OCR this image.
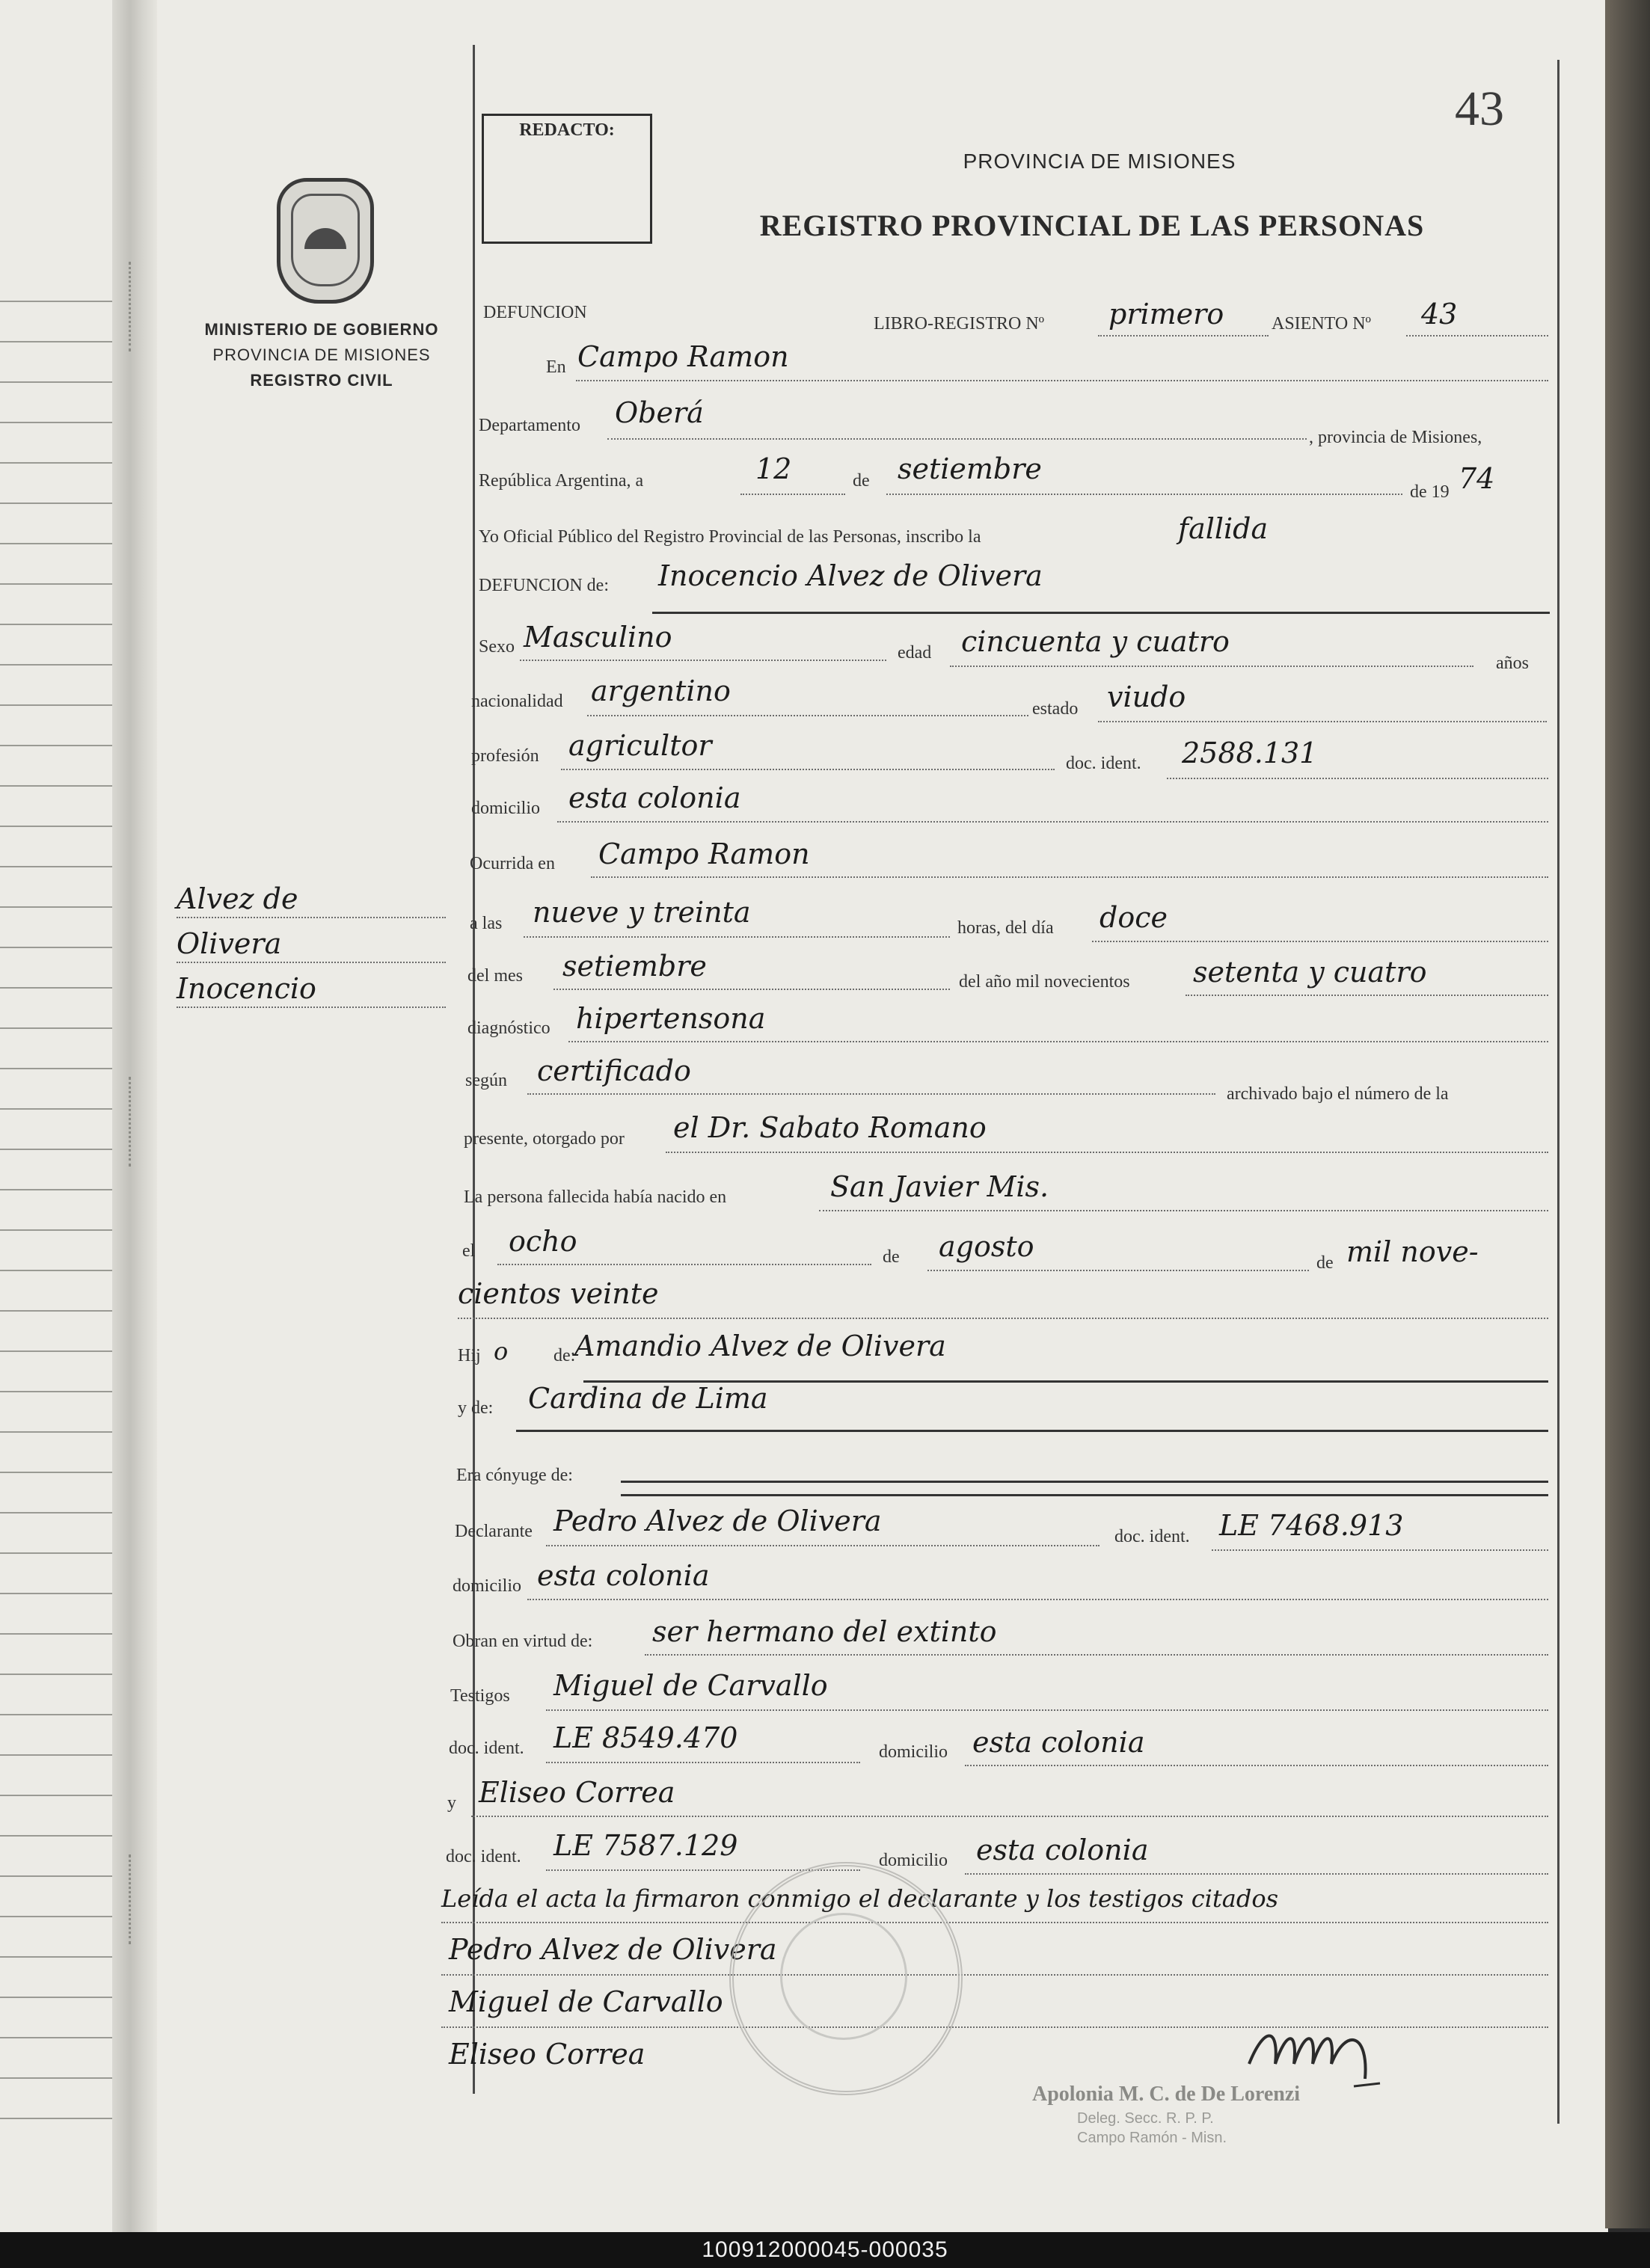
MINISTERIO DE GOBIERNO
PROVINCIA DE MISIONES
REGISTRO CIVIL
REDACTO:	43
PROVINCIA DE MISIONES
REGISTRO PROVINCIAL DE LAS PERSONAS
DEFUNCION
LIBRO-REGISTRO Nº primero	ASIENTO Nº 43
En Campo Ramon
Departamento Oberá
, provincia de Misiones,
República Argentina, a	12	de setiembre
de 19 74
Yo Oficial Público del Registro Provincial de las Personas, inscribo la	fallida
DEFUNCION de: Inocencio Alvez de Olivera
Sexo Masculino	edad cincuenta y cuatro
años
nacionalidad argentino
estado viudo
profesión agricultor
doc. ident. 2588.131
domicilio esta colonia
Ocurrida en Campo Ramon
a las nueve y treinta	horas, del día doce
del mes setiembre	del año mil novecientos setenta y cuatro
diagnóstico hipertensona
según certificado
archivado bajo el número de la
presente, otorgado por el Dr. Sabato Romano
La persona fallecida había nacido en	San Javier Mis.
el ocho	de agosto	de mil nove-
cientos veinte
Hij o	de:
Amandio Alvez de Olivera
y de: Cardina de Lima
Era cónyuge de:
Declarante Pedro Alvez de Olivera	doc. ident. LE 7468.913
domicilio esta colonia
Obran en virtud de: ser hermano del extinto
Testigos Miguel de Carvallo
doc. ident. LE 8549.470	domicilio esta colonia
y Eliseo Correa
doc. ident. LE 7587.129	domicilio esta colonia
Leída el acta la firmaron conmigo el declarante y los testigos citados
Pedro Alvez de Olivera
Miguel de Carvallo
Eliseo Correa
Alvez de
Olivera
Inocencio
Apolonia M. C. de De Lorenzi
Deleg. Secc. R. P. P.
Campo Ramón - Misn.
100912000045-000035
